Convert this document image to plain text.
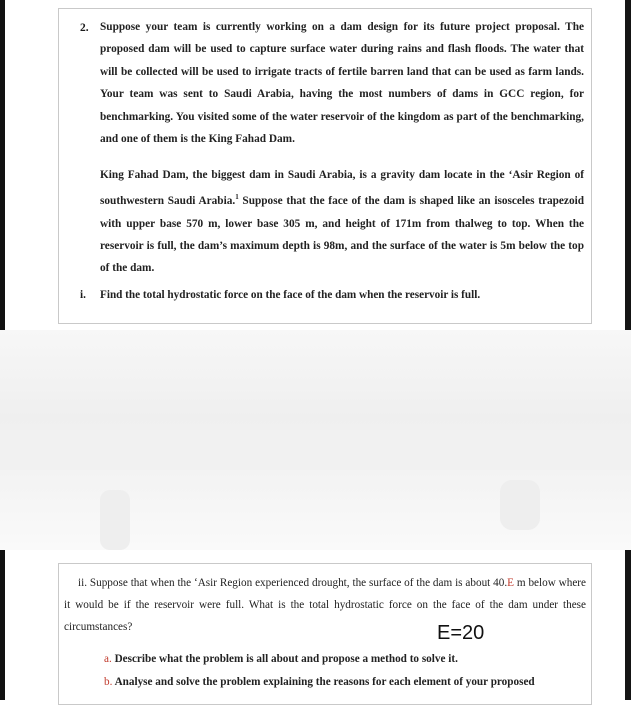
2. Suppose your team is currently working on a dam design for its future project proposal. The proposed dam will be used to capture surface water during rains and flash floods. The water that will be collected will be used to irrigate tracts of fertile barren land that can be used as farm lands. Your team was sent to Saudi Arabia, having the most numbers of dams in GCC region, for benchmarking. You visited some of the water reservoir of the kingdom as part of the benchmarking, and one of them is the King Fahad Dam.
King Fahad Dam, the biggest dam in Saudi Arabia, is a gravity dam locate in the ‘Asir Region of southwestern Saudi Arabia.$^1$ Suppose that the face of the dam is shaped like an isosceles trapezoid with upper base 570 m, lower base 305 m, and height of 171m from thalweg to top. When the reservoir is full, the dam’s maximum depth is 98m, and the surface of the water is 5m below the top of the dam.
i. Find the total hydrostatic force on the face of the dam when the reservoir is full.
ii. Suppose that when the ‘Asir Region experienced drought, the surface of the dam is about 40.E m below where it would be if the reservoir were full. What is the total hydrostatic force on the face of the dam under these circumstances?	E=20
a. Describe what the problem is all about and propose a method to solve it.
b. Analyse and solve the problem explaining the reasons for each element of your proposed
